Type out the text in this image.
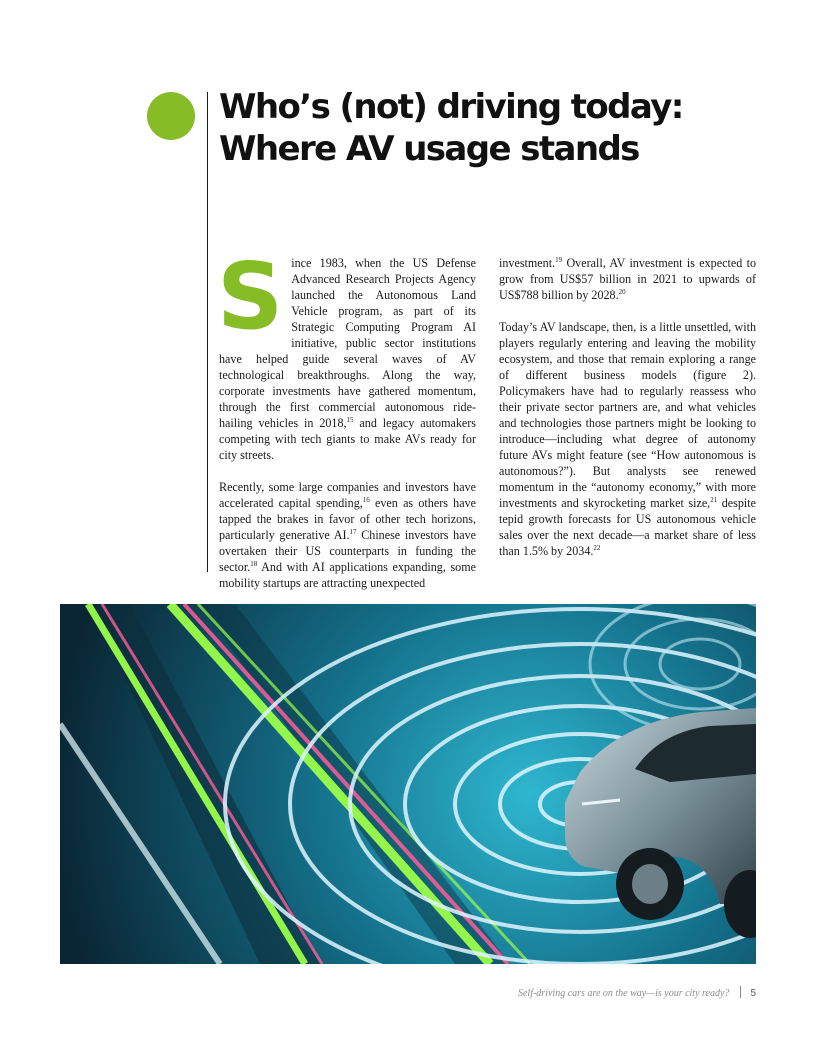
Who’s (not) driving today: Where AV usage stands

Since 1983, when the US Defense Advanced Research Projects Agency launched the Autonomous Land Vehicle program, as part of its Strategic Computing Program AI initiative, public sector institutions have helped guide several waves of AV technological breakthroughs. Along the way, corporate investments have gathered momentum, through the first commercial autonomous ride-hailing vehicles in 2018,15 and legacy automakers competing with tech giants to make AVs ready for city streets.

Recently, some large companies and investors have accelerated capital spending,$^{16}$ even as others have tapped the brakes in favor of other tech horizons, particularly generative AI.$^{17}$ Chinese investors have overtaken their US counterparts in funding the sector.$^{18}$ And with AI applications expanding, some mobility startups are attracting unexpected

investment.$^{19}$ Overall, AV investment is expected to grow from US$57 billion in 2021 to upwards of US$788 billion by 2028.20

Today’s AV landscape, then, is a little unsettled, with players regularly entering and leaving the mobility ecosystem, and those that remain exploring a range of different business models (figure 2). Policymakers have had to regularly reassess who their private sector partners are, and what vehicles and technologies those partners might be looking to introduce—including what degree of autonomy future AVs might feature (see “How autonomous is autonomous?”). But analysts see renewed momentum in the “autonomy economy,” with more investments and skyrocketing market size,$^{21}$ despite tepid growth forecasts for US autonomous vehicle sales over the next decade—a market share of less than 1.5% by 2034.22

Self-driving cars are on the way—is your city ready? 5
